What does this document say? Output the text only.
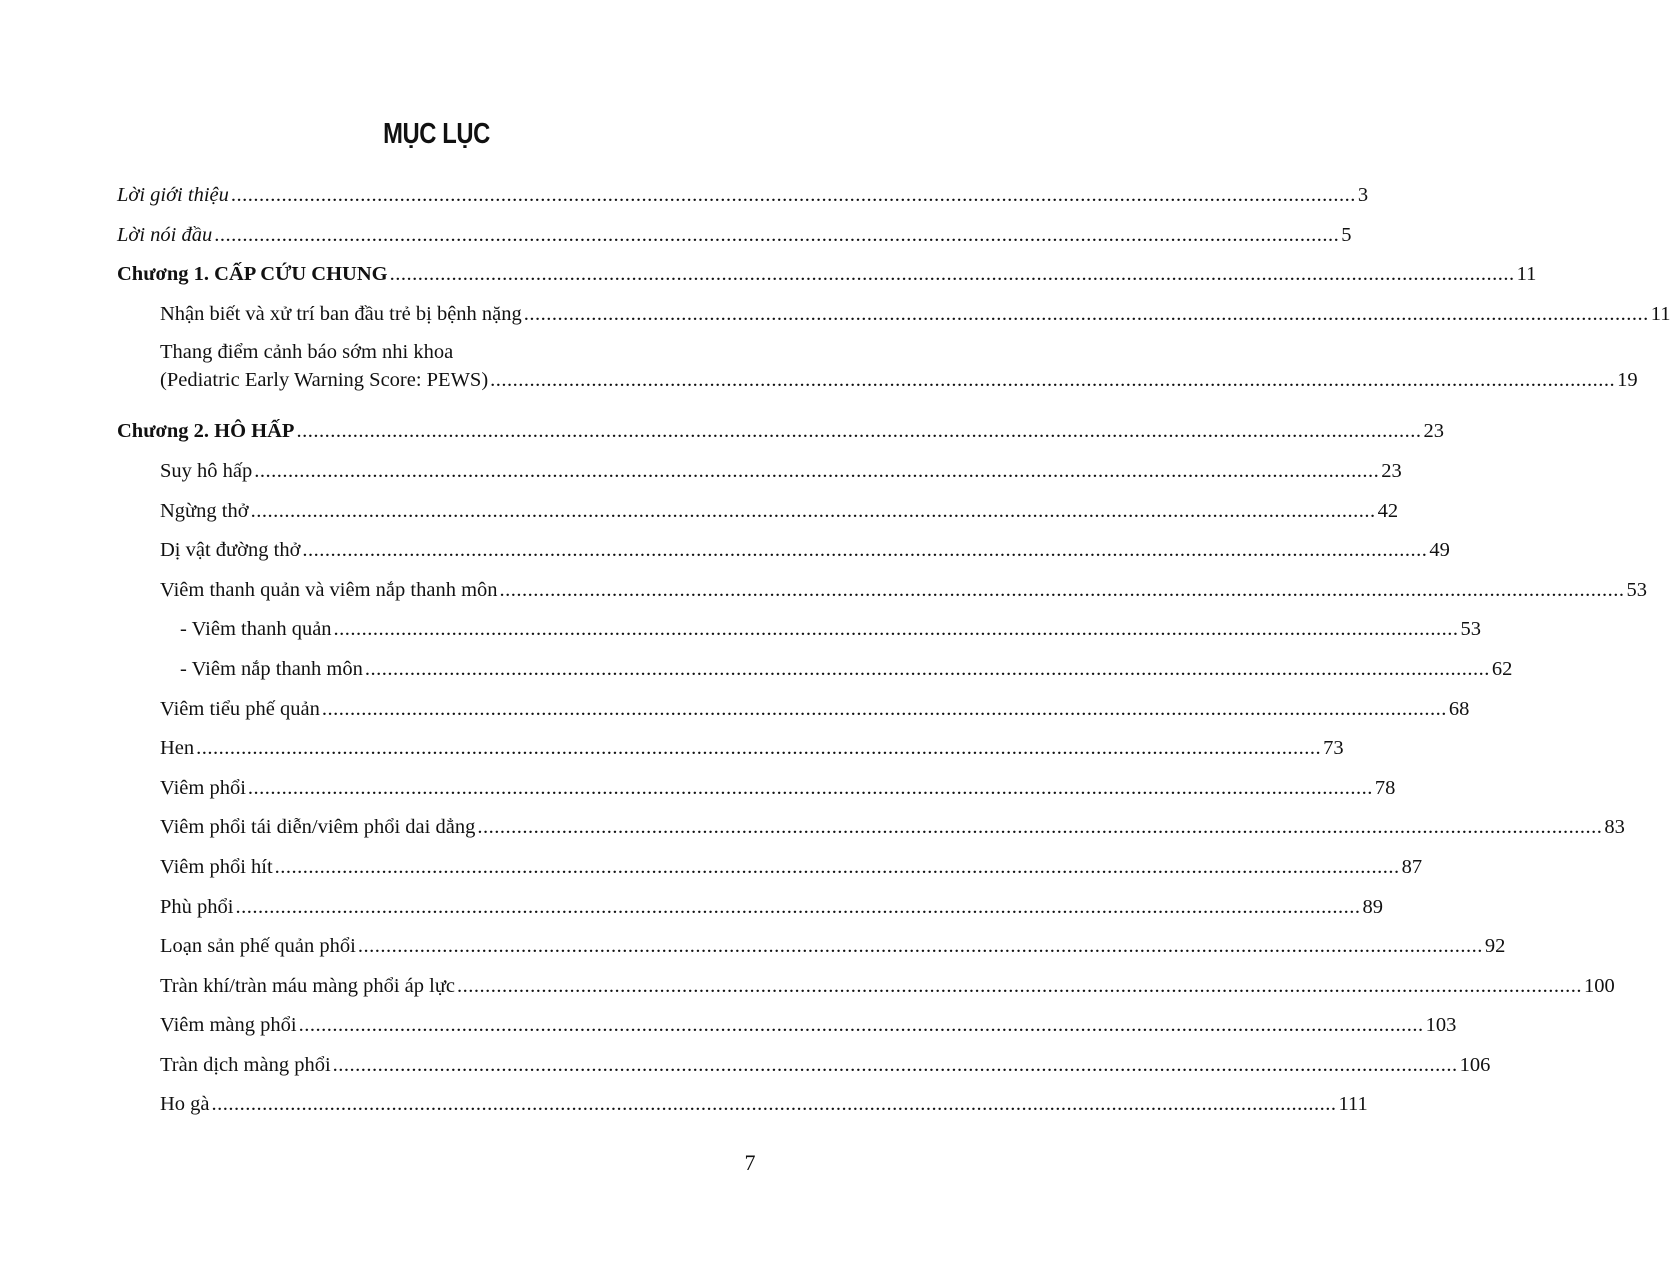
MỤC LỤC
Lời giới thiệu ........................................................................................................................................................................................................ 3
Lời nói đầu ........................................................................................................................................................................................................ 5
Chương 1. CẤP CỨU CHUNG ........................................................................................................................................................................................................ 11
Nhận biết và xử trí ban đầu trẻ bị bệnh nặng ........................................................................................................................................................................................................ 11
Thang điểm cảnh báo sớm nhi khoa
(Pediatric Early Warning Score: PEWS) ........................................................................................................................................................................................................ 19
Chương 2. HÔ HẤP ........................................................................................................................................................................................................ 23
Suy hô hấp ........................................................................................................................................................................................................ 23
Ngừng thở ........................................................................................................................................................................................................ 42
Dị vật đường thở ........................................................................................................................................................................................................ 49
Viêm thanh quản và viêm nắp thanh môn ........................................................................................................................................................................................................ 53
- Viêm thanh quản ........................................................................................................................................................................................................ 53
- Viêm nắp thanh môn ........................................................................................................................................................................................................ 62
Viêm tiểu phế quản ........................................................................................................................................................................................................ 68
Hen ........................................................................................................................................................................................................ 73
Viêm phổi ........................................................................................................................................................................................................ 78
Viêm phổi tái diễn/viêm phổi dai dẳng ........................................................................................................................................................................................................ 83
Viêm phổi hít ........................................................................................................................................................................................................ 87
Phù phổi ........................................................................................................................................................................................................ 89
Loạn sản phế quản phổi ........................................................................................................................................................................................................ 92
Tràn khí/tràn máu màng phổi áp lực ........................................................................................................................................................................................................ 100
Viêm màng phổi ........................................................................................................................................................................................................ 103
Tràn dịch màng phổi ........................................................................................................................................................................................................ 106
Ho gà ........................................................................................................................................................................................................ 111
7
